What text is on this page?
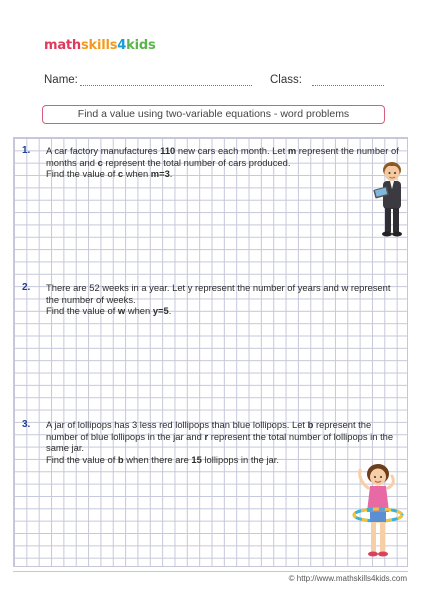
mathskills4kids
Name:	Class:
Find a value using two-variable equations - word problems
1. A car factory manufactures 110 new cars each month. Let m represent the number of

months and c represent the total number of cars produced.

Find the value of c when m=3.

2. There are 52 weeks in a year. Let y represent the number of years and w represent

the number of weeks.

Find the value of w when y=5.

3. A jar of lollipops has 3 less red lollipops than blue lollipops. Let b represent the

number of blue lollipops in the jar and r represent the total number of lollipops in the

same jar.

Find the value of b when there are 15 lollipops in the jar.

© http://www.mathskills4kids.com
